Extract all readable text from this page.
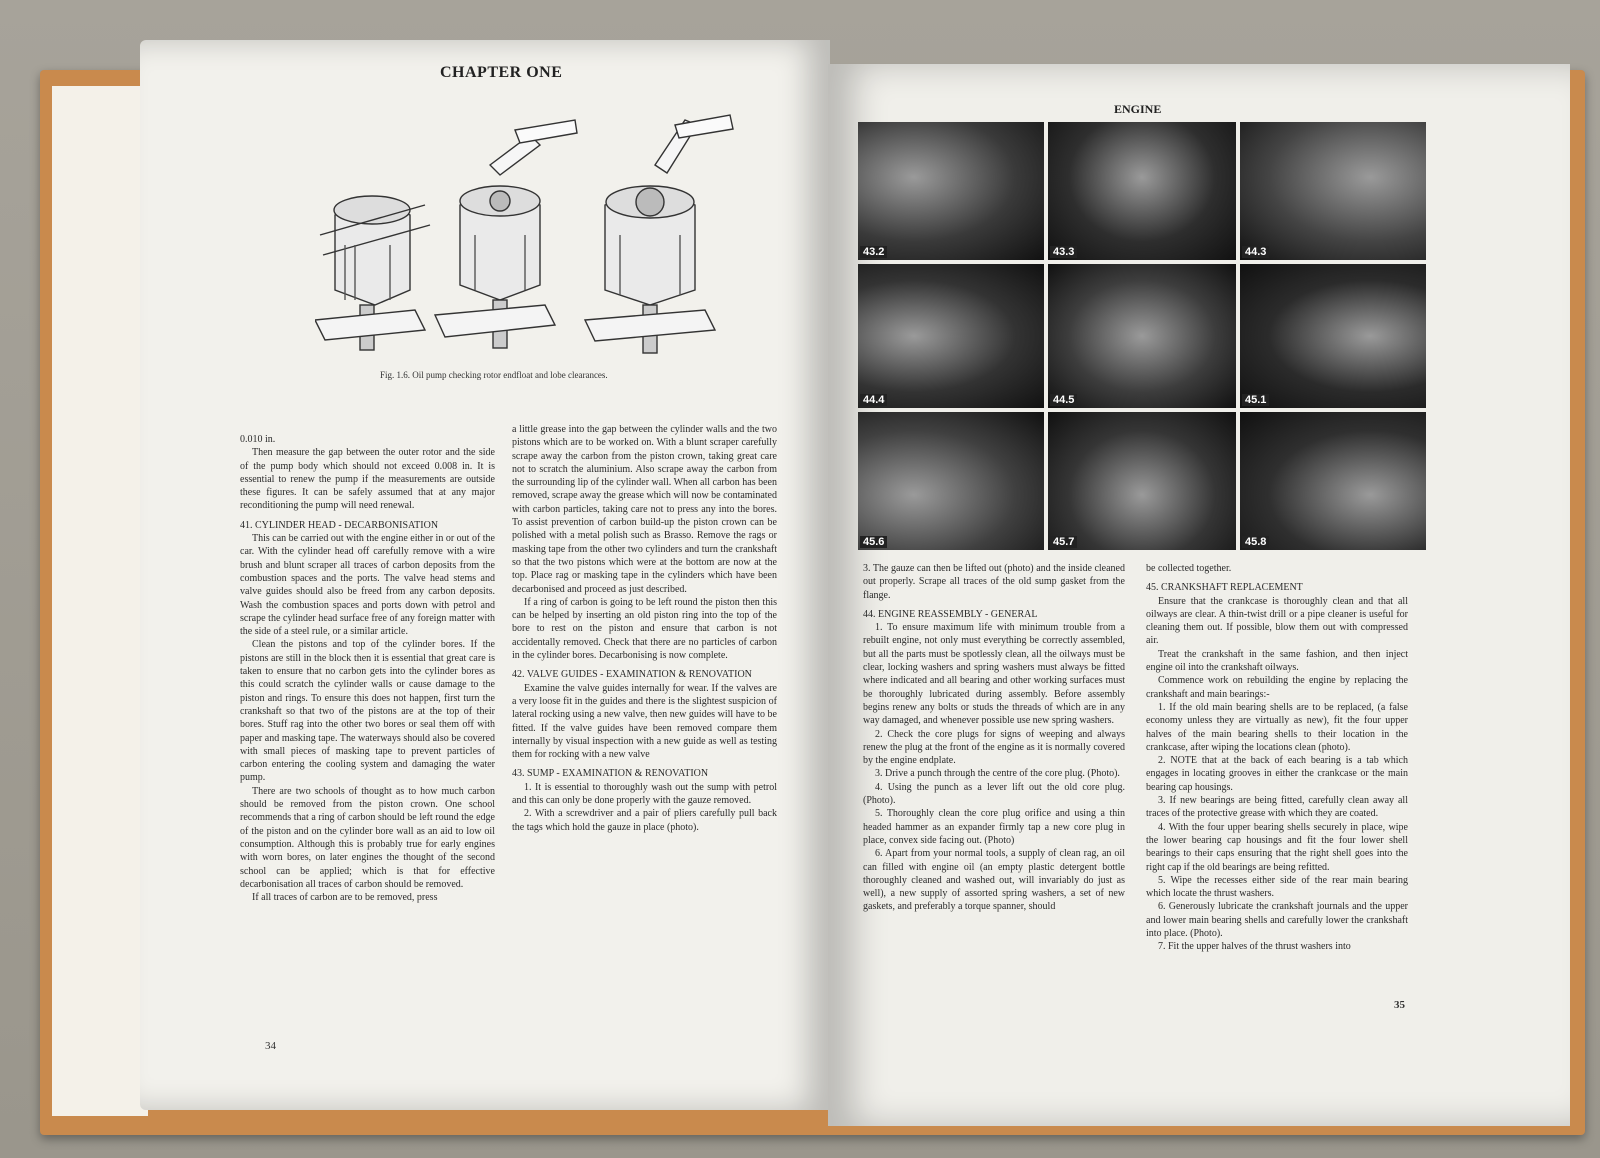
CHAPTER ONE
Fig. 1.6. Oil pump checking rotor endfloat and lobe clearances.

0.010 in.

Then measure the gap between the outer rotor and the side of the pump body which should not exceed 0.008 in. It is essential to renew the pump if the measurements are outside these figures. It can be safely assumed that at any major reconditioning the pump will need renewal.

41. CYLINDER HEAD - DECARBONISATION

This can be carried out with the engine either in or out of the car. With the cylinder head off carefully remove with a wire brush and blunt scraper all traces of carbon deposits from the combustion spaces and the ports. The valve head stems and valve guides should also be freed from any carbon deposits. Wash the combustion spaces and ports down with petrol and scrape the cylinder head surface free of any foreign matter with the side of a steel rule, or a similar article.

Clean the pistons and top of the cylinder bores. If the pistons are still in the block then it is essential that great care is taken to ensure that no carbon gets into the cylinder bores as this could scratch the cylinder walls or cause damage to the piston and rings. To ensure this does not happen, first turn the crankshaft so that two of the pistons are at the top of their bores. Stuff rag into the other two bores or seal them off with paper and masking tape. The waterways should also be covered with small pieces of masking tape to prevent particles of carbon entering the cooling system and damaging the water pump.

There are two schools of thought as to how much carbon should be removed from the piston crown. One school recommends that a ring of carbon should be left round the edge of the piston and on the cylinder bore wall as an aid to low oil consumption. Although this is probably true for early engines with worn bores, on later engines the thought of the second school can be applied; which is that for effective decarbonisation all traces of carbon should be removed.

If all traces of carbon are to be removed, press

a little grease into the gap between the cylinder walls and the two pistons which are to be worked on. With a blunt scraper carefully scrape away the carbon from the piston crown, taking great care not to scratch the aluminium. Also scrape away the carbon from the surrounding lip of the cylinder wall. When all carbon has been removed, scrape away the grease which will now be contaminated with carbon particles, taking care not to press any into the bores. To assist prevention of carbon build-up the piston crown can be polished with a metal polish such as Brasso. Remove the rags or masking tape from the other two cylinders and turn the crankshaft so that the two pistons which were at the bottom are now at the top. Place rag or masking tape in the cylinders which have been decarbonised and proceed as just described.

If a ring of carbon is going to be left round the piston then this can be helped by inserting an old piston ring into the top of the bore to rest on the piston and ensure that carbon is not accidentally removed. Check that there are no particles of carbon in the cylinder bores. Decarbonising is now complete.

42. VALVE GUIDES - EXAMINATION & RENOVATION

Examine the valve guides internally for wear. If the valves are a very loose fit in the guides and there is the slightest suspicion of lateral rocking using a new valve, then new guides will have to be fitted. If the valve guides have been removed compare them internally by visual inspection with a new guide as well as testing them for rocking with a new valve

43. SUMP - EXAMINATION & RENOVATION

1. It is essential to thoroughly wash out the sump with petrol and this can only be done properly with the gauze removed.

2. With a screwdriver and a pair of pliers carefully pull back the tags which hold the gauze in place (photo).

34
ENGINE
43.2	43.3	44.3
44.4	44.5	45.1
45.6	45.7	45.8

3. The gauze can then be lifted out (photo) and the inside cleaned out properly. Scrape all traces of the old sump gasket from the flange.

44. ENGINE REASSEMBLY - GENERAL

1. To ensure maximum life with minimum trouble from a rebuilt engine, not only must everything be correctly assembled, but all the parts must be spotlessly clean, all the oilways must be clear, locking washers and spring washers must always be fitted where indicated and all bearing and other working surfaces must be thoroughly lubricated during assembly. Before assembly begins renew any bolts or studs the threads of which are in any way damaged, and whenever possible use new spring washers.

2. Check the core plugs for signs of weeping and always renew the plug at the front of the engine as it is normally covered by the engine endplate.

3. Drive a punch through the centre of the core plug. (Photo).

4. Using the punch as a lever lift out the old core plug. (Photo).

5. Thoroughly clean the core plug orifice and using a thin headed hammer as an expander firmly tap a new core plug in place, convex side facing out. (Photo)

6. Apart from your normal tools, a supply of clean rag, an oil can filled with engine oil (an empty plastic detergent bottle thoroughly cleaned and washed out, will invariably do just as well), a new supply of assorted spring washers, a set of new gaskets, and preferably a torque spanner, should

be collected together.

45. CRANKSHAFT REPLACEMENT

Ensure that the crankcase is thoroughly clean and that all oilways are clear. A thin-twist drill or a pipe cleaner is useful for cleaning them out. If possible, blow them out with compressed air.

Treat the crankshaft in the same fashion, and then inject engine oil into the crankshaft oilways.

Commence work on rebuilding the engine by replacing the crankshaft and main bearings:-

1. If the old main bearing shells are to be replaced, (a false economy unless they are virtually as new), fit the four upper halves of the main bearing shells to their location in the crankcase, after wiping the locations clean (photo).

2. NOTE that at the back of each bearing is a tab which engages in locating grooves in either the crankcase or the main bearing cap housings.

3. If new bearings are being fitted, carefully clean away all traces of the protective grease with which they are coated.

4. With the four upper bearing shells securely in place, wipe the lower bearing cap housings and fit the four lower shell bearings to their caps ensuring that the right shell goes into the right cap if the old bearings are being refitted.

5. Wipe the recesses either side of the rear main bearing which locate the thrust washers.

6. Generously lubricate the crankshaft journals and the upper and lower main bearing shells and carefully lower the crankshaft into place. (Photo).

7. Fit the upper halves of the thrust washers into

35
